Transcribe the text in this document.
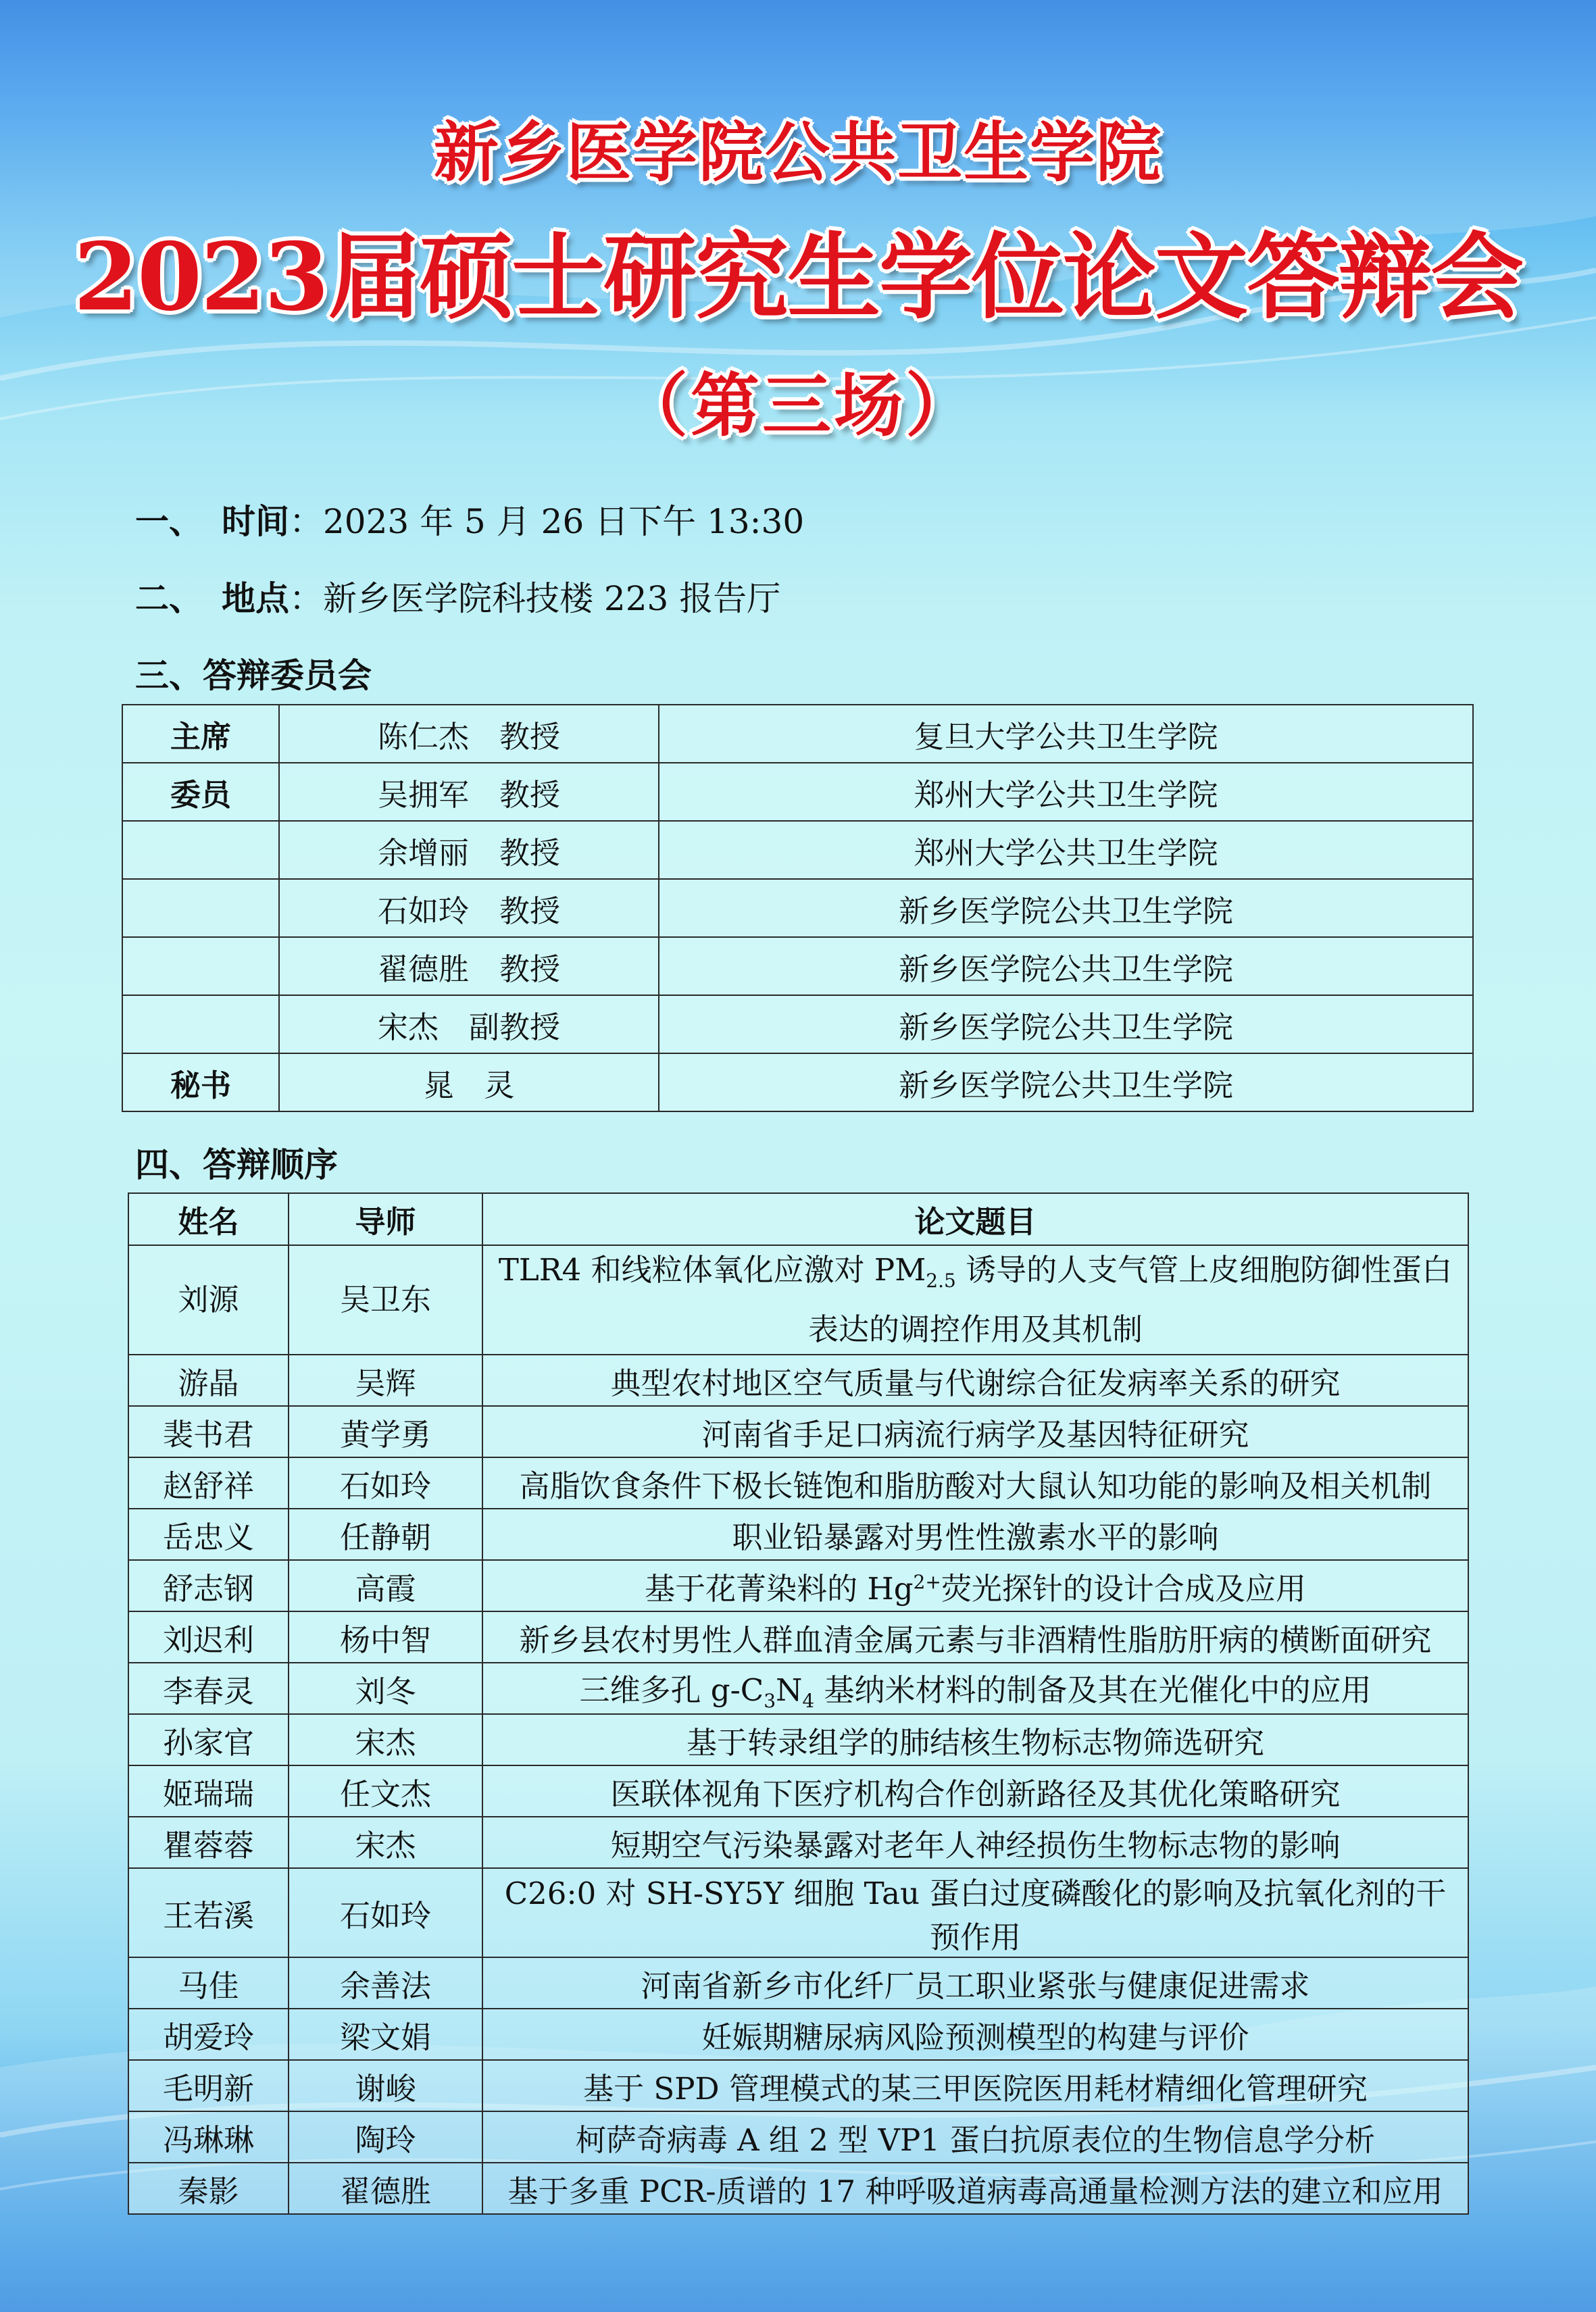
新乡医学院公共卫生学院
2023届硕士研究生学位论文答辩会
（第三场）
一、 时间：2023 年 5 月 26 日下午 13:30
二、 地点：新乡医学院科技楼 223 报告厅
三、答辩委员会
主席	陈仁杰　教授	复旦大学公共卫生学院
委员	吴拥军　教授	郑州大学公共卫生学院
	余增丽　教授	郑州大学公共卫生学院
	石如玲　教授	新乡医学院公共卫生学院
	翟德胜　教授	新乡医学院公共卫生学院
	宋杰　副教授	新乡医学院公共卫生学院
秘书	晁　灵	新乡医学院公共卫生学院
四、答辩顺序
姓名	导师	论文题目
刘源	吴卫东	TLR4 和线粒体氧化应激对 $PM_{2.5}$ 诱导的人支气管上皮细胞防御性蛋白表达的调控作用及其机制
游晶	吴辉	典型农村地区空气质量与代谢综合征发病率关系的研究
裴书君	黄学勇	河南省手足口病流行病学及基因特征研究
赵舒祥	石如玲	高脂饮食条件下极长链饱和脂肪酸对大鼠认知功能的影响及相关机制
岳忠义	任静朝	职业铅暴露对男性性激素水平的影响
舒志钢	高霞	基于花菁染料的 $Hg^{2+}$荧光探针的设计合成及应用
刘迟利	杨中智	新乡县农村男性人群血清金属元素与非酒精性脂肪肝病的横断面研究
李春灵	刘冬	三维多孔 $g-C_3N_4$ 基纳米材料的制备及其在光催化中的应用
孙家官	宋杰	基于转录组学的肺结核生物标志物筛选研究
姬瑞瑞	任文杰	医联体视角下医疗机构合作创新路径及其优化策略研究
瞿蓉蓉	宋杰	短期空气污染暴露对老年人神经损伤生物标志物的影响
王若溪	石如玲	C26:0 对 SH-SY5Y 细胞 Tau 蛋白过度磷酸化的影响及抗氧化剂的干预作用
马佳	余善法	河南省新乡市化纤厂员工职业紧张与健康促进需求
胡爱玲	梁文娟	妊娠期糖尿病风险预测模型的构建与评价
毛明新	谢峻	基于 SPD 管理模式的某三甲医院医用耗材精细化管理研究
冯琳琳	陶玲	柯萨奇病毒 A 组 2 型 VP1 蛋白抗原表位的生物信息学分析
秦影	翟德胜	基于多重 PCR-质谱的 17 种呼吸道病毒高通量检测方法的建立和应用
